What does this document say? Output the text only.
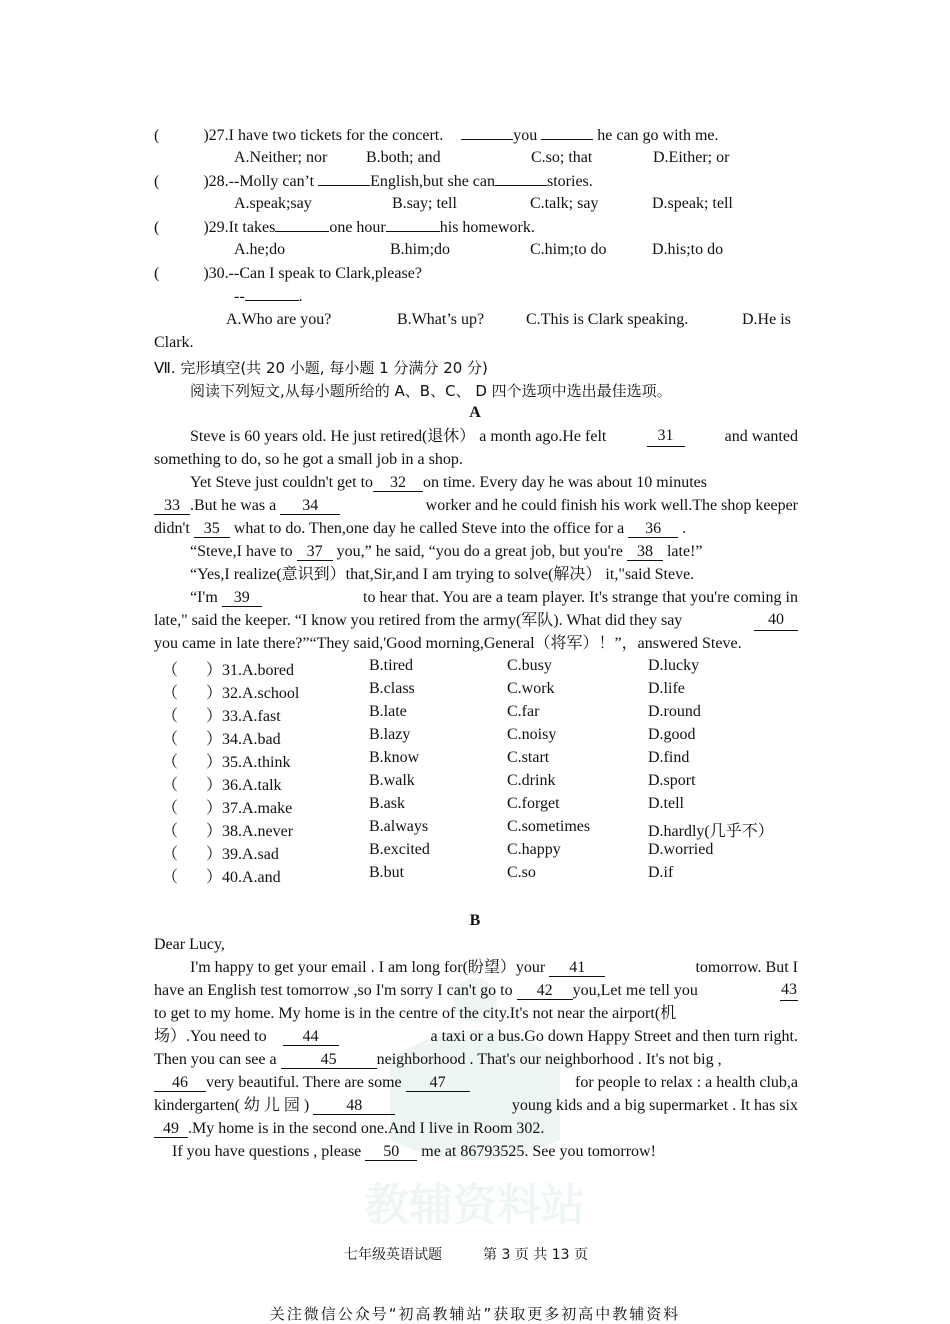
教辅资料站
(	)27.I have two tickets for the concert.	you	he can go with me.
A.Neither; nor B.both; and	C.so; that	D.Either; or
(	)28.--Molly can’t	English,but she can	stories.
A.speak;say	B.say; tell	C.talk; say	D.speak; tell
(	)29.It takes	one hour	his homework.
A.he;do	B.him;do	C.him;to do	D.his;to do
(	)30.--Can I speak to Clark,please?
--	.
A.Who are you?	B.What’s up?	C.This is Clark speaking.	D.He is
Clark.
Ⅶ. 完形填空(共 20 小题, 每小题 1 分满分 20 分)
阅读下列短文,从每小题所给的 A、B、C、 D 四个选项中选出最佳选项。
A
Steve is 60 years old. He just retired(退休） a month ago.He felt	31	and wanted
something to do, so he got a small job in a shop.
Yet Steve just couldn't get to 32 on time. Every day he was about 10 minutes
33 .But he was a 34	worker and he could finish his work well.The shop keeper
didn't 35 what to do. Then,one day he called Steve into the office for a 36 .
“Steve,I have to 37 you,” he said, “you do a great job, but you're 38 late!”
“Yes,I realize(意识到）that,Sir,and I am trying to solve(解决） it,"said Steve.
“I'm 39	to hear that. You are a team player. It's strange that you're coming in
late," said the keeper. “I know you retired from the army(军队). What did they say	40
you came in late there?”“They said,'Good morning,General（将军）！”，answered Steve.
（ ）31.A.bored	B.tired	C.busy	D.lucky
（ ）32.A.school	B.class	C.work	D.life
（ ）33.A.fast	B.late	C.far	D.round
（ ）34.A.bad	B.lazy	C.noisy	D.good
（ ）35.A.think	B.know	C.start	D.find
（ ）36.A.talk	B.walk	C.drink	D.sport
（ ）37.A.make	B.ask	C.forget	D.tell
（ ）38.A.never	B.always	C.sometimes	D.hardly(几乎不）
（ ）39.A.sad	B.excited	C.happy	D.worried
（ ）40.A.and	B.but	C.so	D.if
B
Dear Lucy,
I'm happy to get your email . I am long for(盼望）your 41	tomorrow. But I
have an English test tomorrow ,so I'm sorry I can't go to 42 you,Let me tell you	43
to get to my home. My home is in the centre of the city.It's not near the airport(机
场）.You need to 44	a taxi or a bus.Go down Happy Street and then turn right.
Then you can see a	45	neighborhood . That's our neighborhood . It's not big ,
46 very beautiful. There are some 47	for people to relax : a health club,a
kindergarten( 幼 儿 园 ) 48	young kids and a big supermarket . It has six
49 .My home is in the second one.And I live in Room 302.
If you have questions , please 50 me at 86793525. See you tomorrow!
七年级英语试题	第 3 页 共 13 页
关注微信公众号“初高教辅站”获取更多初高中教辅资料
